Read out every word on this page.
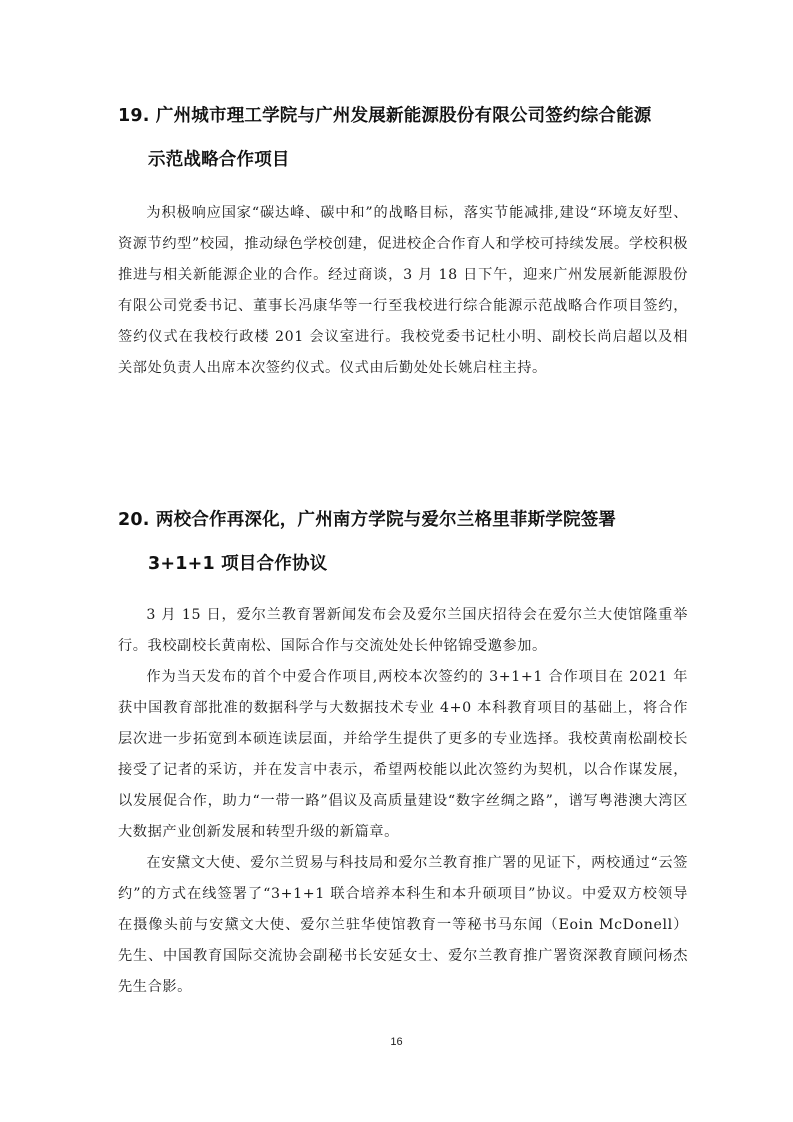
19. 广州城市理工学院与广州发展新能源股份有限公司签约综合能源
示范战略合作项目
为积极响应国家“碳达峰、碳中和”的战略目标，落实节能减排,建设“环境友好型、资源节约型”校园，推动绿色学校创建，促进校企合作育人和学校可持续发展。学校积极推进与相关新能源企业的合作。经过商谈，3 月 18 日下午，迎来广州发展新能源股份有限公司党委书记、董事长冯康华等一行至我校进行综合能源示范战略合作项目签约，签约仪式在我校行政楼 201 会议室进行。我校党委书记杜小明、副校长尚启超以及相关部处负责人出席本次签约仪式。仪式由后勤处处长姚启柱主持。
20. 两校合作再深化，广州南方学院与爱尔兰格里菲斯学院签署
3+1+1 项目合作协议
3 月 15 日，爱尔兰教育署新闻发布会及爱尔兰国庆招待会在爱尔兰大使馆隆重举行。我校副校长黄南松、国际合作与交流处处长仲铭锦受邀参加。
作为当天发布的首个中爱合作项目,两校本次签约的 3+1+1 合作项目在 2021 年获中国教育部批准的数据科学与大数据技术专业 4+0 本科教育项目的基础上，将合作层次进一步拓宽到本硕连读层面，并给学生提供了更多的专业选择。我校黄南松副校长接受了记者的采访，并在发言中表示，希望两校能以此次签约为契机，以合作谋发展，以发展促合作，助力“一带一路”倡议及高质量建设“数字丝绸之路”，谱写粤港澳大湾区大数据产业创新发展和转型升级的新篇章。
在安黛文大使、爱尔兰贸易与科技局和爱尔兰教育推广署的见证下，两校通过“云签约”的方式在线签署了“3+1+1 联合培养本科生和本升硕项目”协议。中爱双方校领导在摄像头前与安黛文大使、爱尔兰驻华使馆教育一等秘书马东闻（Eoin McDonell）先生、中国教育国际交流协会副秘书长安延女士、爱尔兰教育推广署资深教育顾问杨杰先生合影。
16
